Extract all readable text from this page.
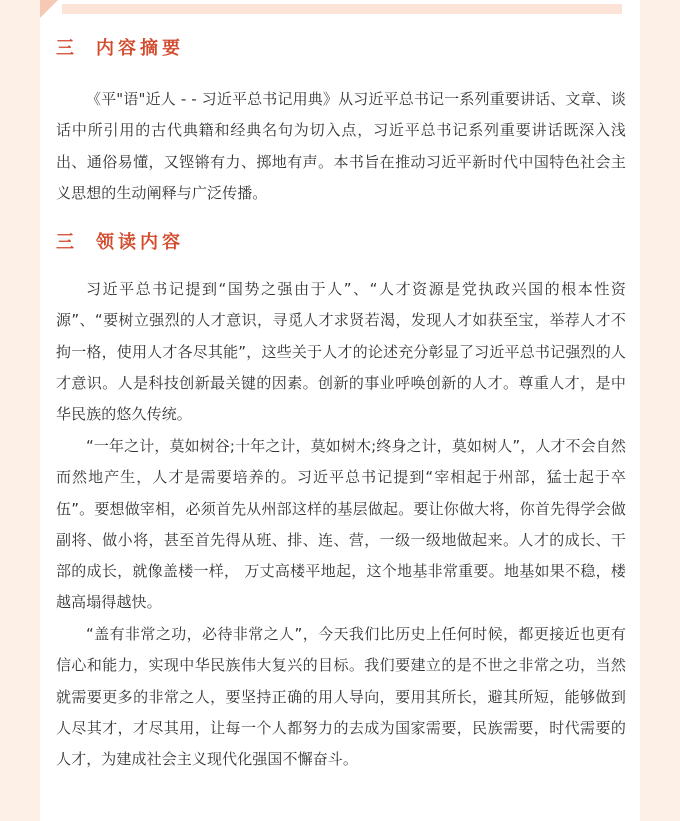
三 内容摘要

《平"语"近人 - - 习近平总书记用典》从习近平总书记一系列重要讲话、文章、谈话中所引用的古代典籍和经典名句为切入点，习近平总书记系列重要讲话既深入浅出、通俗易懂，又铿锵有力、掷地有声。本书旨在推动习近平新时代中国特色社会主义思想的生动阐释与广泛传播。

三 领读内容

习近平总书记提到“国势之强由于人”、“人才资源是党执政兴国的根本性资源”、“要树立强烈的人才意识，寻觅人才求贤若渴，发现人才如获至宝，举荐人才不拘一格，使用人才各尽其能”，这些关于人才的论述充分彰显了习近平总书记强烈的人才意识。人是科技创新最关键的因素。创新的事业呼唤创新的人才。尊重人才，是中华民族的悠久传统。

“一年之计，莫如树谷;十年之计，莫如树木;终身之计，莫如树人”，人才不会自然而然地产生，人才是需要培养的。习近平总书记提到“宰相起于州部，猛士起于卒伍”。要想做宰相，必须首先从州部这样的基层做起。要让你做大将，你首先得学会做副将、做小将，甚至首先得从班、排、连、营，一级一级地做起来。人才的成长、干部的成长，就像盖楼一样， 万丈高楼平地起，这个地基非常重要。地基如果不稳，楼越高塌得越快。

“盖有非常之功，必待非常之人”，今天我们比历史上任何时候，都更接近也更有信心和能力，实现中华民族伟大复兴的目标。我们要建立的是不世之非常之功，当然就需要更多的非常之人，要坚持正确的用人导向，要用其所长，避其所短，能够做到人尽其才，才尽其用，让每一个人都努力的去成为国家需要，民族需要，时代需要的人才，为建成社会主义现代化强国不懈奋斗。
